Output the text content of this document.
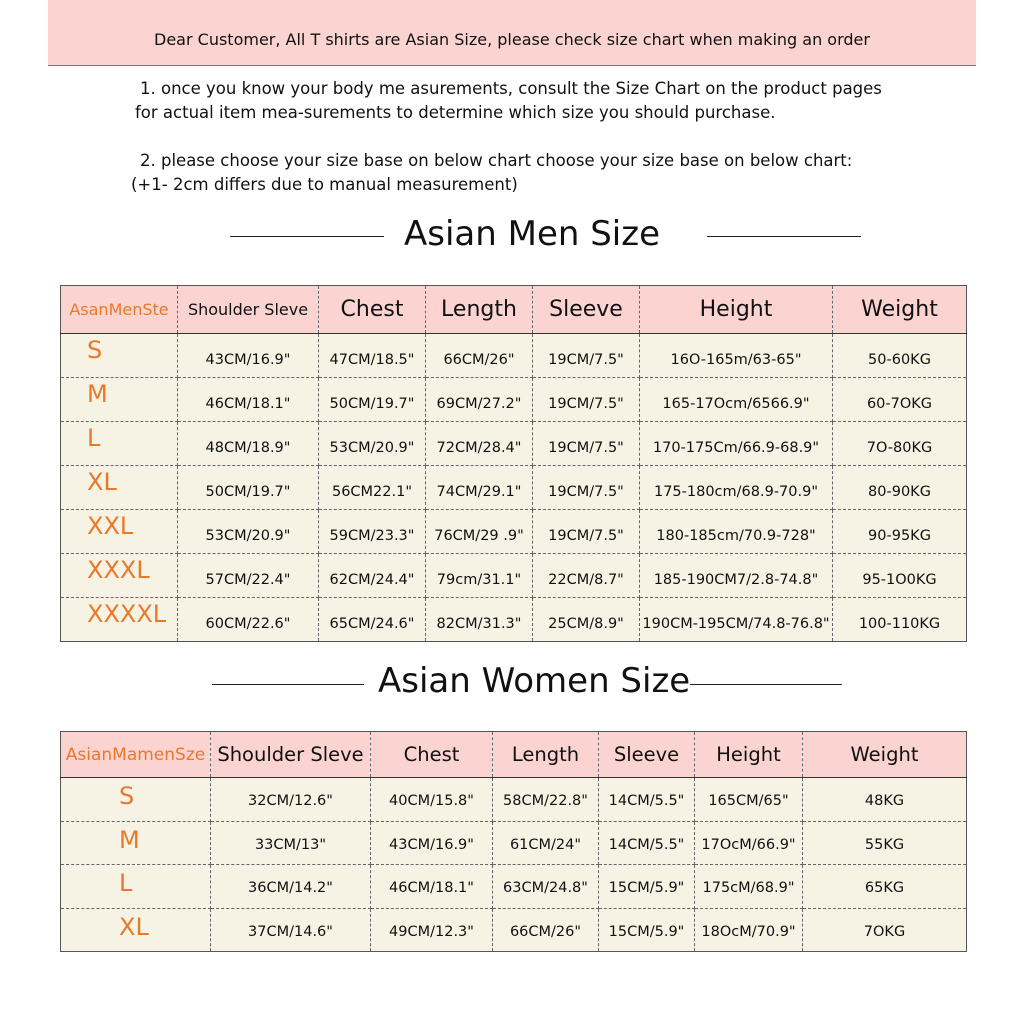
Dear Customer, All T shirts are Asian Size, please check size chart when making an order
1. once you know your body me asurements, consult the Size Chart on the product pages
for actual item mea-surements to determine which size you should purchase.
2. please choose your size base on below chart choose your size base on below chart:
(+1- 2cm differs due to manual measurement)
Asian Men Size
AsanMenSte	Shoulder Sleve	Chest	Length	Sleeve	Height	Weight
S	43CM/16.9"	47CM/18.5"	66CM/26"	19CM/7.5"	16O-165m/63-65"	50-60KG
M	46CM/18.1"	50CM/19.7"	69CM/27.2"	19CM/7.5"	165-17Ocm/6566.9"	60-7OKG
L	48CM/18.9"	53CM/20.9"	72CM/28.4"	19CM/7.5"	170-175Cm/66.9-68.9"	7O-80KG
XL	50CM/19.7"	56CM22.1"	74CM/29.1"	19CM/7.5"	175-180cm/68.9-70.9"	80-90KG
XXL	53CM/20.9"	59CM/23.3"	76CM/29 .9"	19CM/7.5"	180-185cm/70.9-728"	90-95KG
XXXL	57CM/22.4"	62CM/24.4"	79cm/31.1"	22CM/8.7"	185-190CM7/2.8-74.8"	95-1O0KG
XXXXL	60CM/22.6"	65CM/24.6"	82CM/31.3"	25CM/8.9"	190CM-195CM/74.8-76.8"	100-110KG
Asian Women Size
AsianMamenSze	Shoulder Sleve	Chest	Length	Sleeve	Height	Weight
S	32CM/12.6"	40CM/15.8"	58CM/22.8"	14CM/5.5"	165CM/65"	48KG
M	33CM/13"	43CM/16.9"	61CM/24"	14CM/5.5"	17OcM/66.9"	55KG
L	36CM/14.2"	46CM/18.1"	63CM/24.8"	15CM/5.9"	175cM/68.9"	65KG
XL	37CM/14.6"	49CM/12.3"	66CM/26"	15CM/5.9"	18OcM/70.9"	7OKG
